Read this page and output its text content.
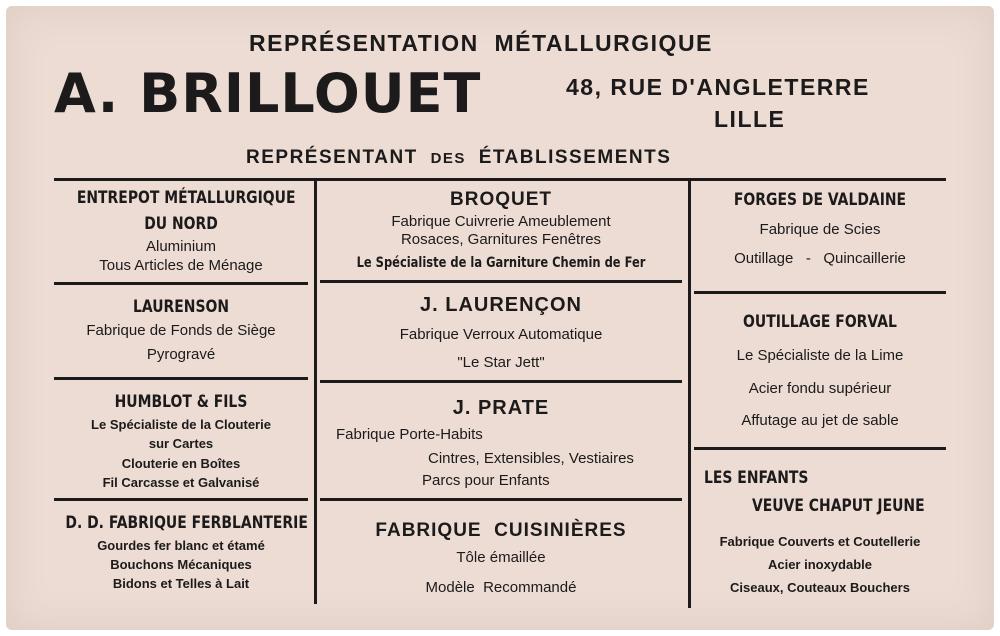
REPRÉSENTATION  MÉTALLURGIQUE
A. BRILLOUET	48, RUE D'ANGLETERRE
LILLE
REPRÉSENTANT DES ÉTABLISSEMENTS
ENTREPOT MÉTALLURGIQUE
DU NORD
Aluminium
Tous Articles de Ménage
LAURENSON
Fabrique de Fonds de Siège
Pyrogravé
HUMBLOT & FILS
Le Spécialiste de la Clouterie
sur Cartes
Clouterie en Boîtes
Fil Carcasse et Galvanisé
D. D. FABRIQUE FERBLANTERIE
Gourdes fer blanc et étamé
Bouchons Mécaniques
Bidons et Telles à Lait
BROQUET
Fabrique Cuivrerie Ameublement
Rosaces, Garnitures Fenêtres
Le Spécialiste de la Garniture Chemin de Fer
J. LAURENÇON
Fabrique Verroux Automatique
"Le Star Jett"
J. PRATE
Fabrique Porte-Habits
Cintres, Extensibles, Vestiaires
Parcs pour Enfants
FABRIQUE  CUISINIÈRES
Tôle émaillée
Modèle  Recommandé
FORGES DE VALDAINE
Fabrique de Scies
Outillage   -   Quincaillerie
OUTILLAGE FORVAL
Le Spécialiste de la Lime
Acier fondu supérieur
Affutage au jet de sable
LES ENFANTS
VEUVE CHAPUT JEUNE
Fabrique Couverts et Coutellerie
Acier inoxydable
Ciseaux, Couteaux Bouchers
